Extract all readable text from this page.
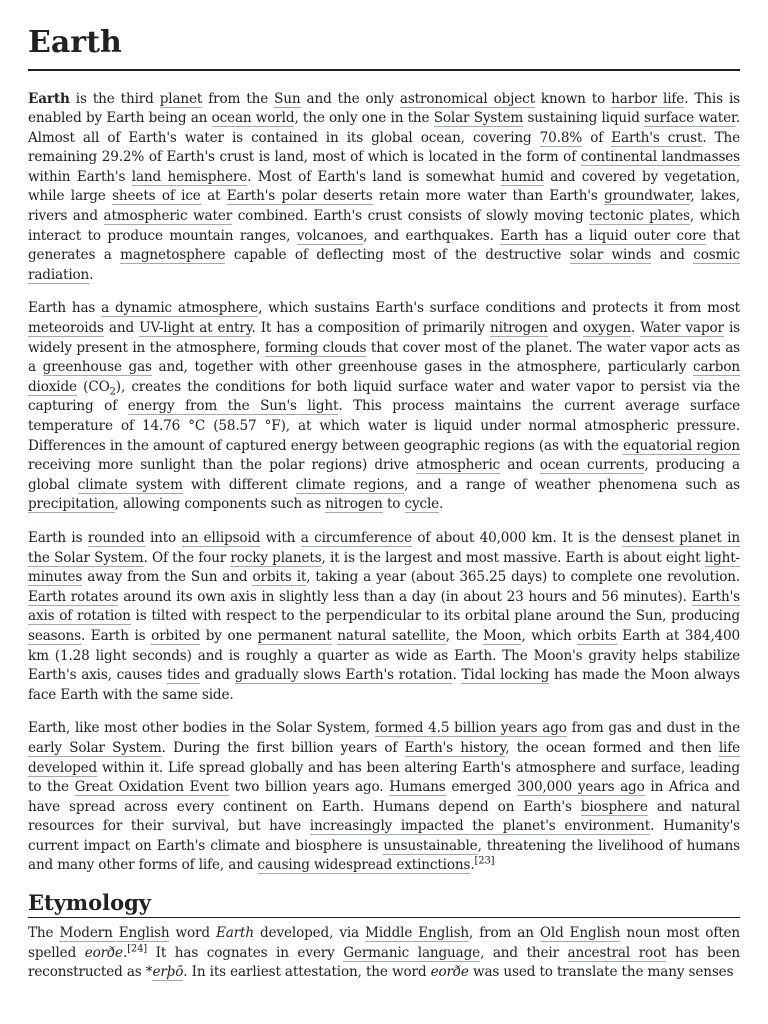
Earth

Earth is the third planet from the Sun and the only astronomical object known to harbor life. This is enabled by Earth being an ocean world, the only one in the Solar System sustaining liquid surface water. Almost all of Earth's water is contained in its global ocean, covering 70.8% of Earth's crust. The remaining 29.2% of Earth's crust is land, most of which is located in the form of continental landmasses within Earth's land hemisphere. Most of Earth's land is somewhat humid and covered by vegetation, while large sheets of ice at Earth's polar deserts retain more water than Earth's groundwater, lakes, rivers and atmospheric water combined. Earth's crust consists of slowly moving tectonic plates, which interact to produce mountain ranges, volcanoes, and earthquakes. Earth has a liquid outer core that generates a magnetosphere capable of deflecting most of the destructive solar winds and cosmic radiation.

Earth has a dynamic atmosphere, which sustains Earth's surface conditions and protects it from most meteoroids and UV-light at entry. It has a composition of primarily nitrogen and oxygen. Water vapor is widely present in the atmosphere, forming clouds that cover most of the planet. The water vapor acts as a greenhouse gas and, together with other greenhouse gases in the atmosphere, particularly carbon dioxide $(CO_2)$, creates the conditions for both liquid surface water and water vapor to persist via the capturing of energy from the Sun's light. This process maintains the current average surface temperature of 14.76 °C (58.57 °F), at which water is liquid under normal atmospheric pressure. Differences in the amount of captured energy between geographic regions (as with the equatorial region receiving more sunlight than the polar regions) drive atmospheric and ocean currents, producing a global climate system with different climate regions, and a range of weather phenomena such as precipitation, allowing components such as nitrogen to cycle.

Earth is rounded into an ellipsoid with a circumference of about 40,000 km. It is the densest planet in the Solar System. Of the four rocky planets, it is the largest and most massive. Earth is about eight light-minutes away from the Sun and orbits it, taking a year (about 365.25 days) to complete one revolution. Earth rotates around its own axis in slightly less than a day (in about 23 hours and 56 minutes). Earth's axis of rotation is tilted with respect to the perpendicular to its orbital plane around the Sun, producing seasons. Earth is orbited by one permanent natural satellite, the Moon, which orbits Earth at 384,400 km (1.28 light seconds) and is roughly a quarter as wide as Earth. The Moon's gravity helps stabilize Earth's axis, causes tides and gradually slows Earth's rotation. Tidal locking has made the Moon always face Earth with the same side.

Earth, like most other bodies in the Solar System, formed 4.5 billion years ago from gas and dust in the early Solar System. During the first billion years of Earth's history, the ocean formed and then life developed within it. Life spread globally and has been altering Earth's atmosphere and surface, leading to the Great Oxidation Event two billion years ago. Humans emerged 300,000 years ago in Africa and have spread across every continent on Earth. Humans depend on Earth's biosphere and natural resources for their survival, but have increasingly impacted the planet's environment. Humanity's current impact on Earth's climate and biosphere is unsustainable, threatening the livelihood of humans and many other forms of life, and causing widespread extinctions.[23]

Etymology

The Modern English word Earth developed, via Middle English, from an Old English noun most often spelled eorðe.[24] It has cognates in every Germanic language, and their ancestral root has been reconstructed as *erþō. In its earliest attestation, the word eorðe was used to translate the many senses
